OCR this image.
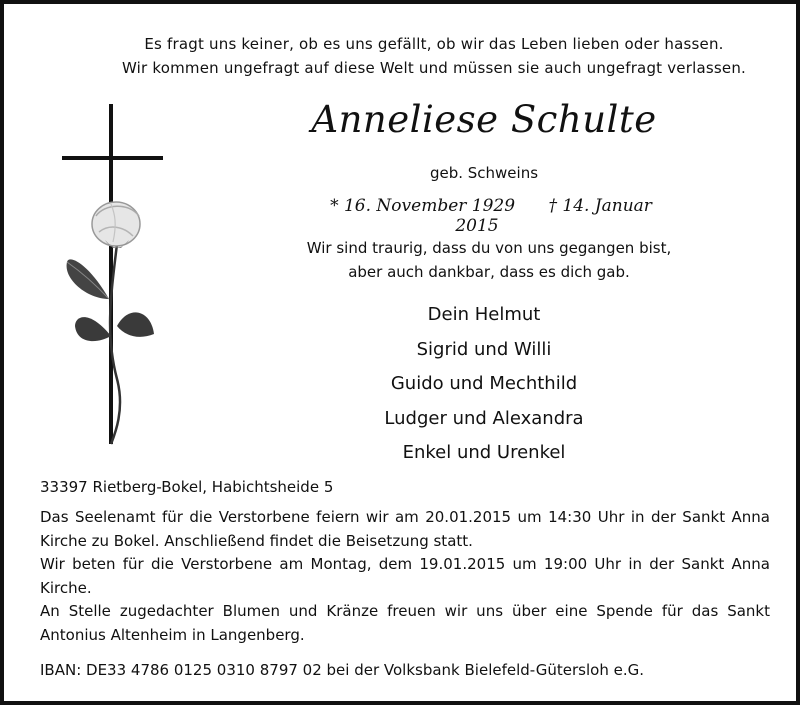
Es fragt uns keiner, ob es uns gefällt, ob wir das Leben lieben oder hassen.
Wir kommen ungefragt auf diese Welt und müssen sie auch ungefragt verlassen.
Anneliese Schulte
geb. Schweins
* 16. November 1929 † 14. Januar 2015
Wir sind traurig, dass du von uns gegangen bist,
aber auch dankbar, dass es dich gab.
Dein Helmut
Sigrid und Willi
Guido und Mechthild
Ludger und Alexandra
Enkel und Urenkel
33397 Rietberg-Bokel, Habichtsheide 5

Das Seelenamt für die Verstorbene feiern wir am 20.01.2015 um 14:30 Uhr in der Sankt Anna Kirche zu Bokel. Anschließend findet die Beisetzung statt.

Wir beten für die Verstorbene am Montag, dem 19.01.2015 um 19:00 Uhr in der Sankt Anna Kirche.

An Stelle zugedachter Blumen und Kränze freuen wir uns über eine Spende für das Sankt Antonius Altenheim in Langenberg.

IBAN: DE33 4786 0125 0310 8797 02 bei der Volksbank Bielefeld-Gütersloh e.G.
